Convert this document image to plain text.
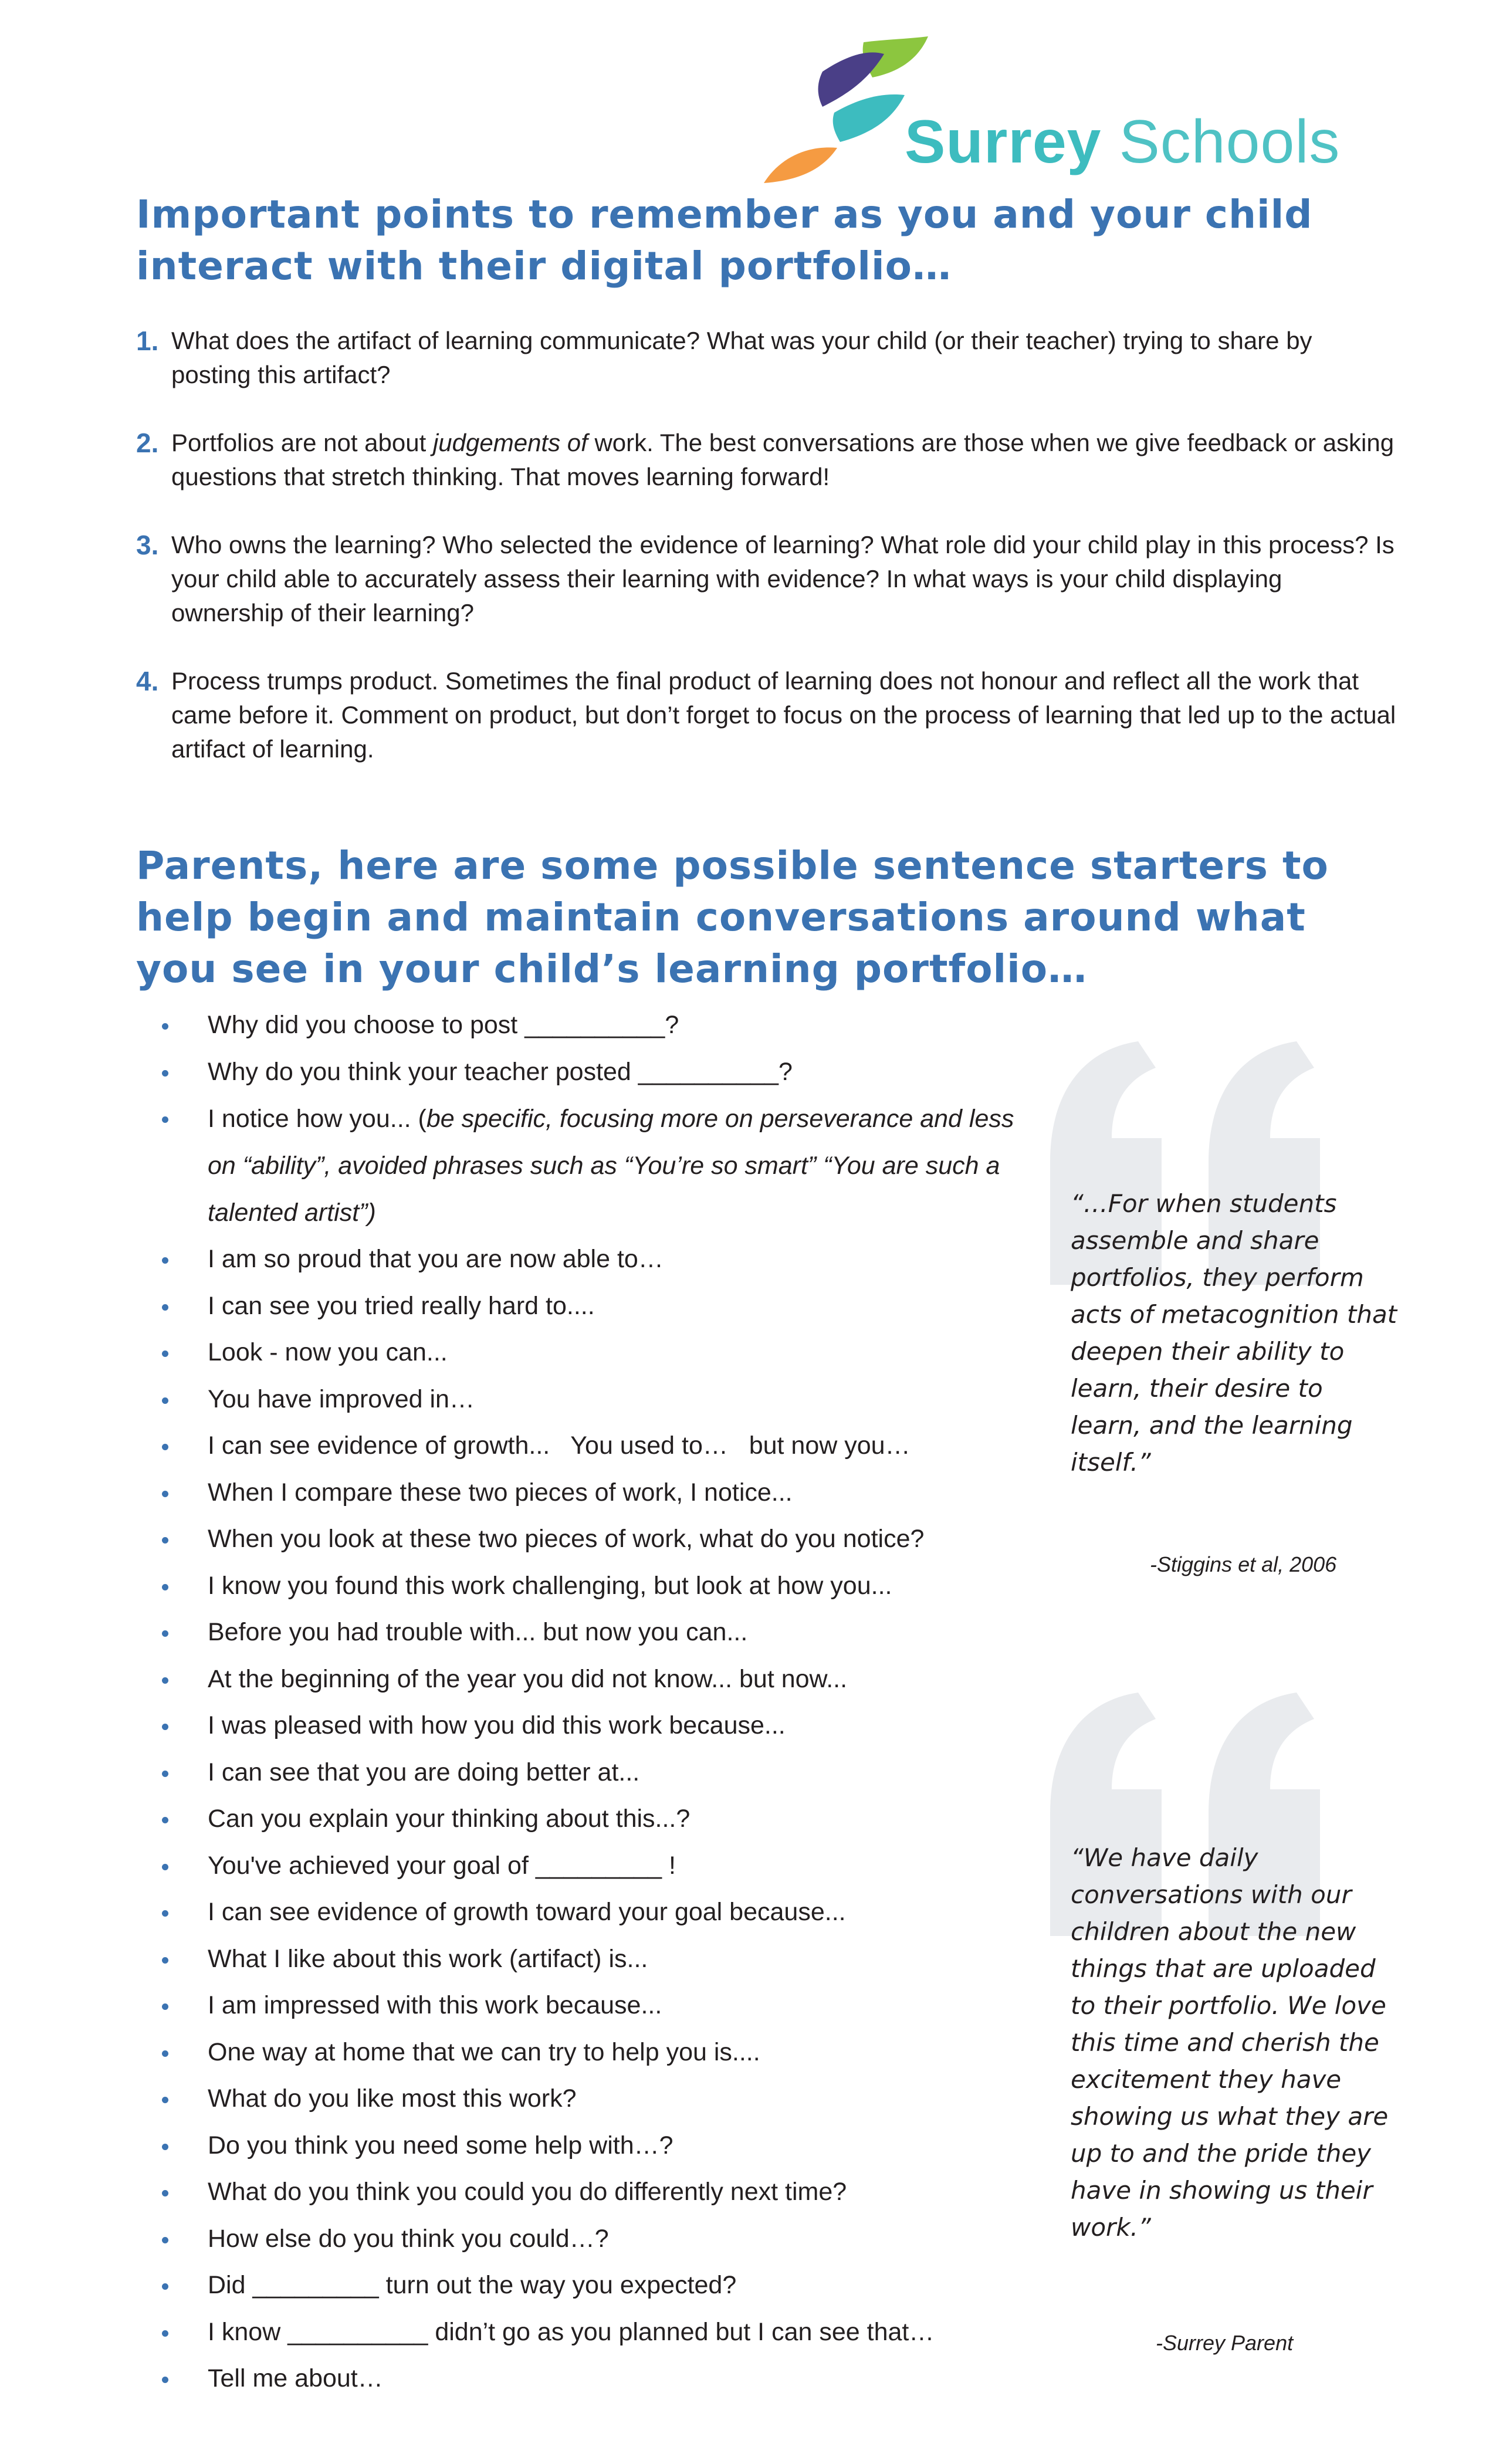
Surrey Schools
Important points to remember as you and your child interact with their digital portfolio…
1. What does the artifact of learning communicate? What was your child (or their teacher) trying to share by posting this artifact?
2. Portfolios are not about judgements of work. The best conversations are those when we give feedback or asking questions that stretch thinking. That moves learning forward!
3. Who owns the learning? Who selected the evidence of learning? What role did your child play in this process? Is your child able to accurately assess their learning with evidence? In what ways is your child displaying ownership of their learning?
4. Process trumps product. Sometimes the final product of learning does not honour and reflect all the work that came before it. Comment on product, but don’t forget to focus on the process of learning that led up to the actual artifact of learning.
Parents, here are some possible sentence starters to help begin and maintain conversations around what you see in your child’s learning portfolio…
Why did you choose to post __________?
Why do you think your teacher posted __________?
I notice how you... (be specific, focusing more on perseverance and less on “ability”, avoided phrases such as “You’re so smart” “You are such a talented artist”)
I am so proud that you are now able to…
I can see you tried really hard to....
Look - now you can...
You have improved in…
I can see evidence of growth...   You used to…   but now you…
When I compare these two pieces of work, I notice...
When you look at these two pieces of work, what do you notice?
I know you found this work challenging, but look at how you...
Before you had trouble with... but now you can...
At the beginning of the year you did not know... but now...
I was pleased with how you did this work because...
I can see that you are doing better at...
Can you explain your thinking about this...?
You've achieved your goal of _________ !
I can see evidence of growth toward your goal because...
What I like about this work (artifact) is...
I am impressed with this work because...
One way at home that we can try to help you is....
What do you like most this work?
Do you think you need some help with…?
What do you think you could you do differently next time?
How else do you think you could…?
Did _________ turn out the way you expected?
I know __________ didn’t go as you planned but I can see that…
Tell me about…
“…For when students assemble and share portfolios, they perform acts of metacognition that deepen their ability to learn, their desire to learn, and the learning itself.”
-Stiggins et al, 2006
“We have daily conversations with our children about the new things that are uploaded to their portfolio. We love this time and cherish the excitement they have showing us what they are up to and the pride they have in showing us their work.”
-Surrey Parent
